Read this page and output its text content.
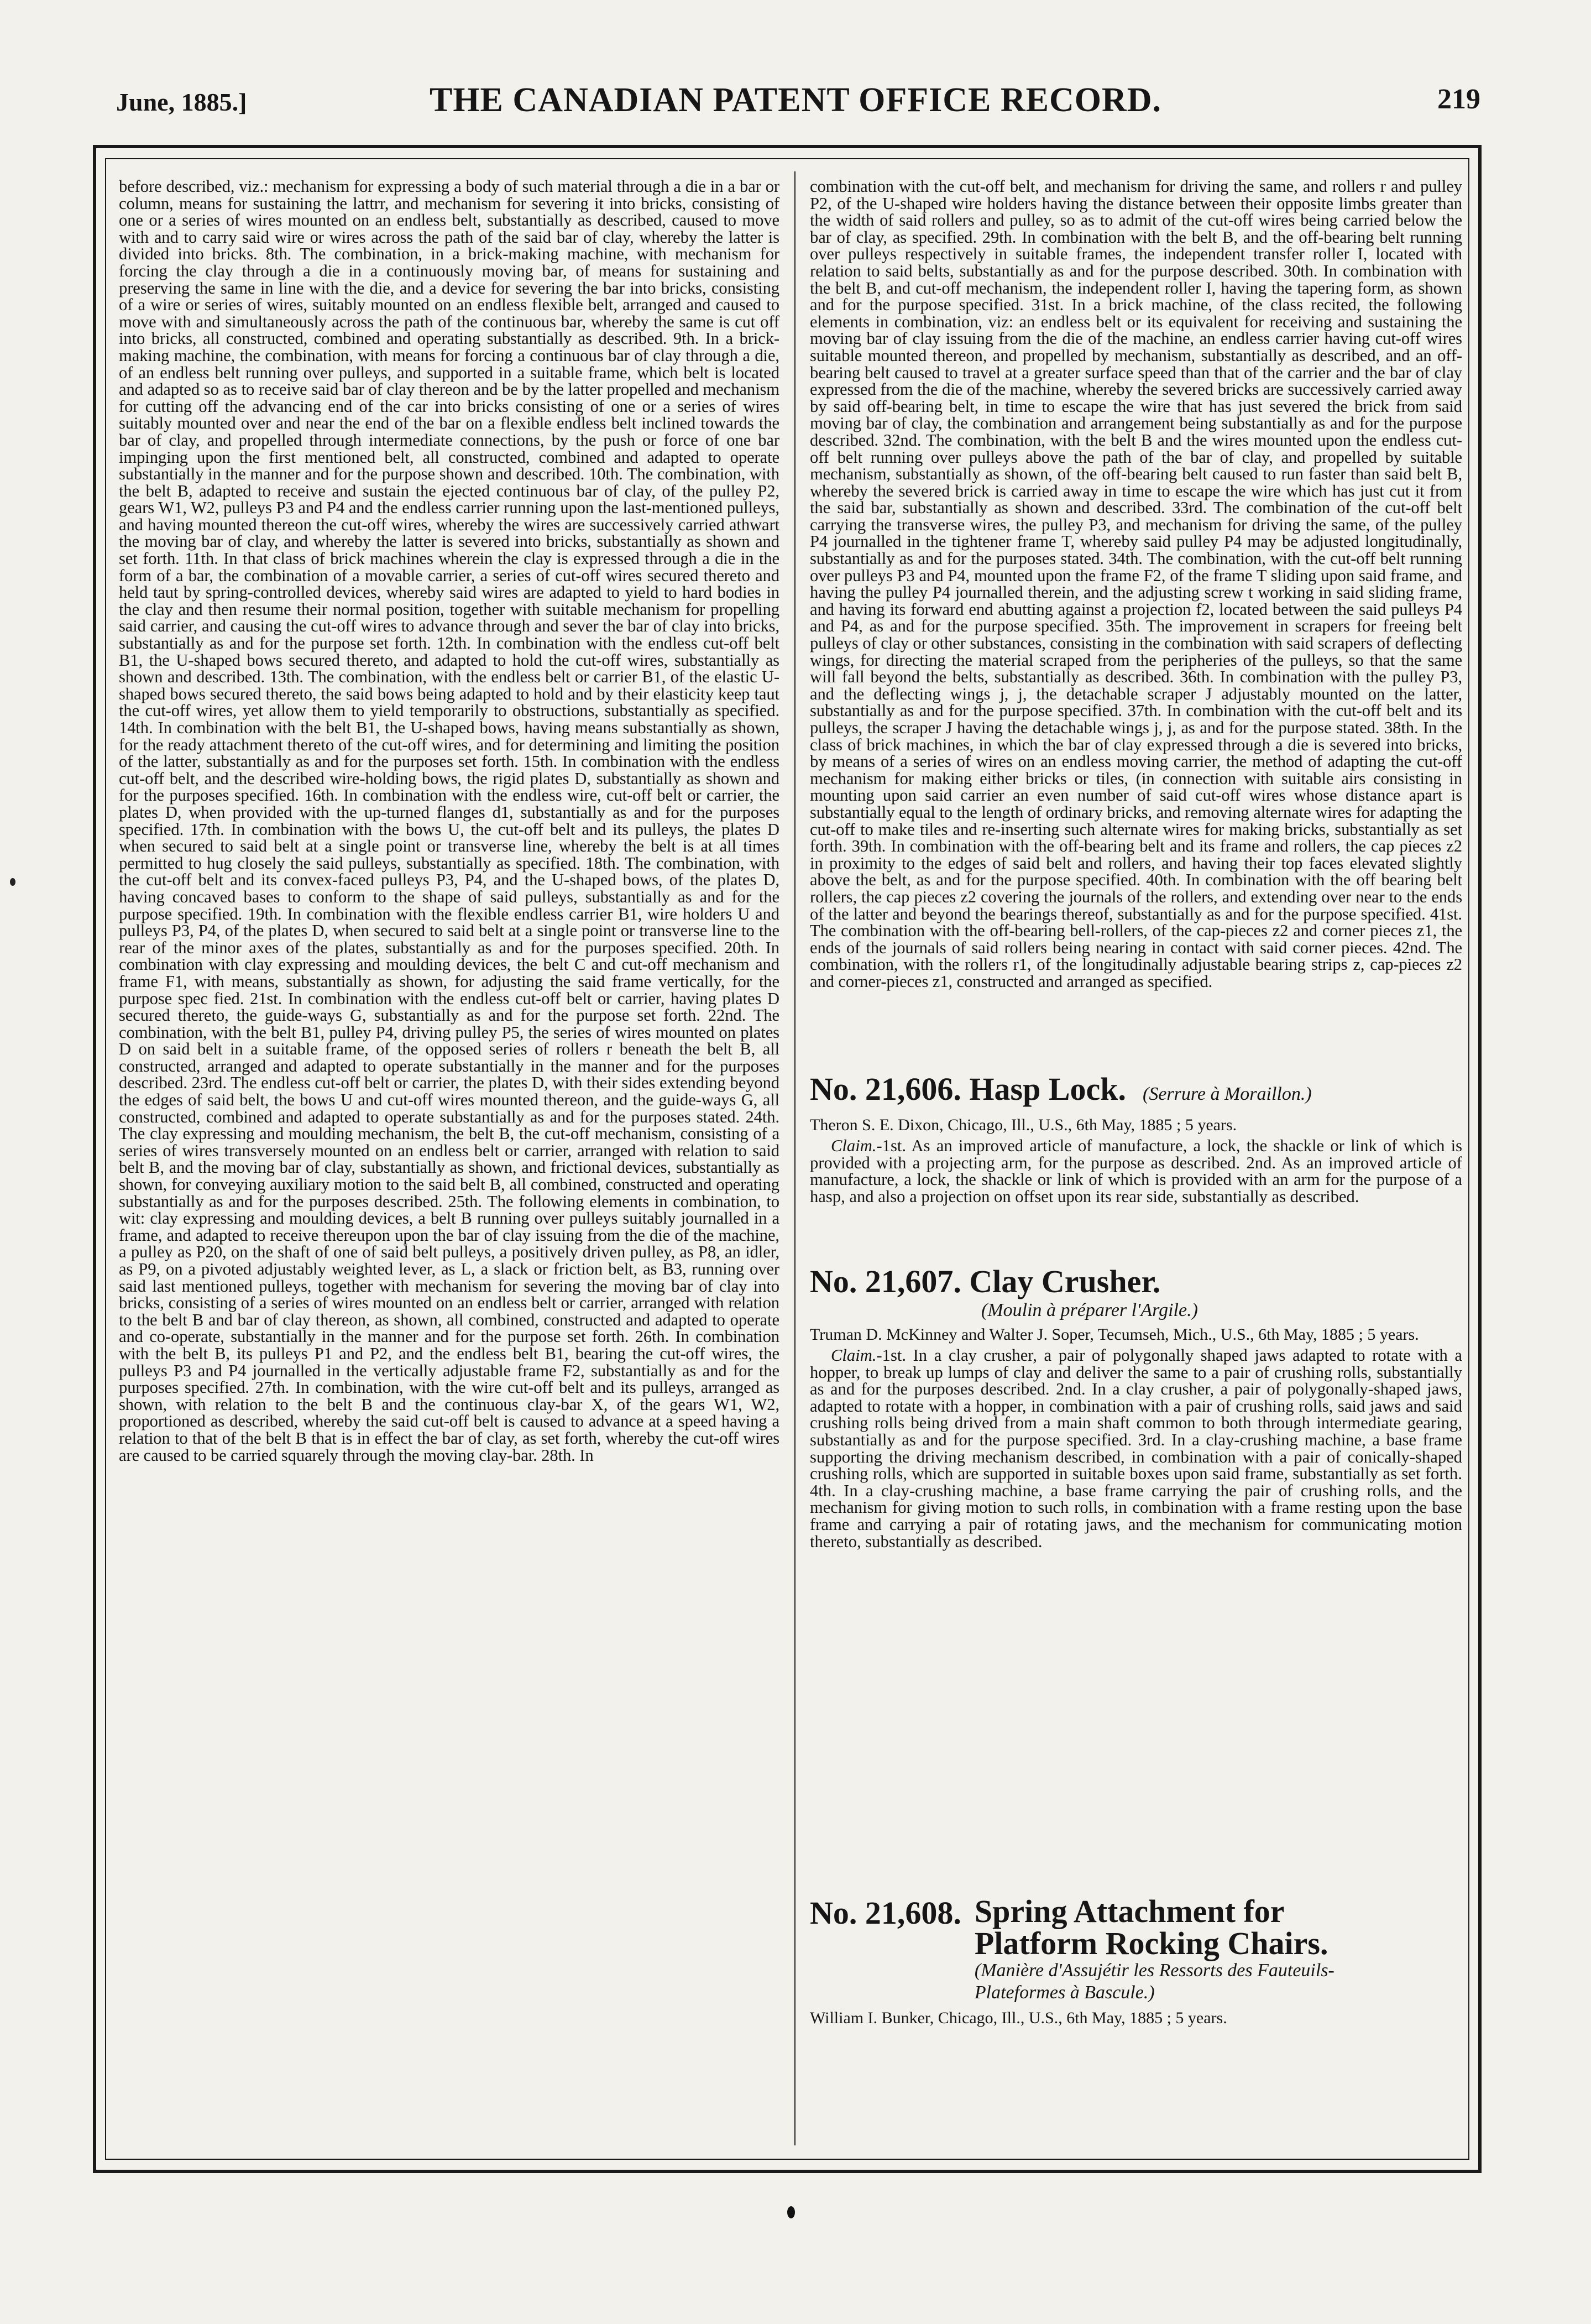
June, 1885.]	THE CANADIAN PATENT OFFICE RECORD.	219
before described, viz.: mechanism for expressing a body of such material through a die in a bar or column, means for sustaining the lattrr, and mechanism for severing it into bricks, consisting of one or a series of wires mounted on an endless belt, substantially as described, caused to move with and to carry said wire or wires across the path of the said bar of clay, whereby the latter is divided into bricks. 8th. The combination, in a brick-making machine, with mechanism for forcing the clay through a die in a continuously moving bar, of means for sustaining and preserving the same in line with the die, and a device for severing the bar into bricks, consisting of a wire or series of wires, suitably mounted on an endless flexible belt, arranged and caused to move with and simultaneously across the path of the continuous bar, whereby the same is cut off into bricks, all constructed, combined and operating substantially as described. 9th. In a brick-making machine, the combination, with means for forcing a continuous bar of clay through a die, of an endless belt running over pulleys, and supported in a suitable frame, which belt is located and adapted so as to receive said bar of clay thereon and be by the latter propelled and mechanism for cutting off the advancing end of the car into bricks consisting of one or a series of wires suitably mounted over and near the end of the bar on a flexible endless belt inclined towards the bar of clay, and propelled through intermediate connections, by the push or force of one bar impinging upon the first mentioned belt, all constructed, combined and adapted to operate substantially in the manner and for the purpose shown and described. 10th. The combination, with the belt B, adapted to receive and sustain the ejected continuous bar of clay, of the pulley P2, gears W1, W2, pulleys P3 and P4 and the endless carrier running upon the last-mentioned pulleys, and having mounted thereon the cut-off wires, whereby the wires are successively carried athwart the moving bar of clay, and whereby the latter is severed into bricks, substantially as shown and set forth. 11th. In that class of brick machines wherein the clay is expressed through a die in the form of a bar, the combination of a movable carrier, a series of cut-off wires secured thereto and held taut by spring-controlled devices, whereby said wires are adapted to yield to hard bodies in the clay and then resume their normal position, together with suitable mechanism for propelling said carrier, and causing the cut-off wires to advance through and sever the bar of clay into bricks, substantially as and for the purpose set forth. 12th. In combination with the endless cut-off belt B1, the U-shaped bows secured thereto, and adapted to hold the cut-off wires, substantially as shown and described. 13th. The combination, with the endless belt or carrier B1, of the elastic U-shaped bows secured thereto, the said bows being adapted to hold and by their elasticity keep taut the cut-off wires, yet allow them to yield temporarily to obstructions, substantially as specified. 14th. In combination with the belt B1, the U-shaped bows, having means substantially as shown, for the ready attachment thereto of the cut-off wires, and for determining and limiting the position of the latter, substantially as and for the purposes set forth. 15th. In combination with the endless cut-off belt, and the described wire-holding bows, the rigid plates D, substantially as shown and for the purposes specified. 16th. In combination with the endless wire, cut-off belt or carrier, the plates D, when provided with the up-turned flanges d1, substantially as and for the purposes specified. 17th. In combination with the bows U, the cut-off belt and its pulleys, the plates D when secured to said belt at a single point or transverse line, whereby the belt is at all times permitted to hug closely the said pulleys, substantially as specified. 18th. The combination, with the cut-off belt and its convex-faced pulleys P3, P4, and the U-shaped bows, of the plates D, having concaved bases to conform to the shape of said pulleys, substantially as and for the purpose specified. 19th. In combination with the flexible endless carrier B1, wire holders U and pulleys P3, P4, of the plates D, when secured to said belt at a single point or transverse line to the rear of the minor axes of the plates, substantially as and for the purposes specified. 20th. In combination with clay expressing and moulding devices, the belt C and cut-off mechanism and frame F1, with means, substantially as shown, for adjusting the said frame vertically, for the purpose spec fied. 21st. In combination with the endless cut-off belt or carrier, having plates D secured thereto, the guide-ways G, substantially as and for the purpose set forth. 22nd. The combination, with the belt B1, pulley P4, driving pulley P5, the series of wires mounted on plates D on said belt in a suitable frame, of the opposed series of rollers r beneath the belt B, all constructed, arranged and adapted to operate substantially in the manner and for the purposes described. 23rd. The endless cut-off belt or carrier, the plates D, with their sides extending beyond the edges of said belt, the bows U and cut-off wires mounted thereon, and the guide-ways G, all constructed, combined and adapted to operate substantially as and for the purposes stated. 24th. The clay expressing and moulding mechanism, the belt B, the cut-off mechanism, consisting of a series of wires transversely mounted on an endless belt or carrier, arranged with relation to said belt B, and the moving bar of clay, substantially as shown, and frictional devices, substantially as shown, for conveying auxiliary motion to the said belt B, all combined, constructed and operating substantially as and for the purposes described. 25th. The following elements in combination, to wit: clay expressing and moulding devices, a belt B running over pulleys suitably journalled in a frame, and adapted to receive thereupon upon the bar of clay issuing from the die of the machine, a pulley as P20, on the shaft of one of said belt pulleys, a positively driven pulley, as P8, an idler, as P9, on a pivoted adjustably weighted lever, as L, a slack or friction belt, as B3, running over said last mentioned pulleys, together with mechanism for severing the moving bar of clay into bricks, consisting of a series of wires mounted on an endless belt or carrier, arranged with relation to the belt B and bar of clay thereon, as shown, all combined, constructed and adapted to operate and co-operate, substantially in the manner and for the purpose set forth. 26th. In combination with the belt B, its pulleys P1 and P2, and the endless belt B1, bearing the cut-off wires, the pulleys P3 and P4 journalled in the vertically adjustable frame F2, substantially as and for the purposes specified. 27th. In combination, with the wire cut-off belt and its pulleys, arranged as shown, with relation to the belt B and the continuous clay-bar X, of the gears W1, W2, proportioned as described, whereby the said cut-off belt is caused to advance at a speed having a relation to that of the belt B that is in effect the bar of clay, as set forth, whereby the cut-off wires are caused to be carried squarely through the moving clay-bar. 28th. In
combination with the cut-off belt, and mechanism for driving the same, and rollers r and pulley P2, of the U-shaped wire holders having the distance between their opposite limbs greater than the width of said rollers and pulley, so as to admit of the cut-off wires being carried below the bar of clay, as specified. 29th. In combination with the belt B, and the off-bearing belt running over pulleys respectively in suitable frames, the independent transfer roller I, located with relation to said belts, substantially as and for the purpose described. 30th. In combination with the belt B, and cut-off mechanism, the independent roller I, having the tapering form, as shown and for the purpose specified. 31st. In a brick machine, of the class recited, the following elements in combination, viz: an endless belt or its equivalent for receiving and sustaining the moving bar of clay issuing from the die of the machine, an endless carrier having cut-off wires suitable mounted thereon, and propelled by mechanism, substantially as described, and an off-bearing belt caused to travel at a greater surface speed than that of the carrier and the bar of clay expressed from the die of the machine, whereby the severed bricks are successively carried away by said off-bearing belt, in time to escape the wire that has just severed the brick from said moving bar of clay, the combination and arrangement being substantially as and for the purpose described. 32nd. The combination, with the belt B and the wires mounted upon the endless cut-off belt running over pulleys above the path of the bar of clay, and propelled by suitable mechanism, substantially as shown, of the off-bearing belt caused to run faster than said belt B, whereby the severed brick is carried away in time to escape the wire which has just cut it from the said bar, substantially as shown and described. 33rd. The combination of the cut-off belt carrying the transverse wires, the pulley P3, and mechanism for driving the same, of the pulley P4 journalled in the tightener frame T, whereby said pulley P4 may be adjusted longitudinally, substantially as and for the purposes stated. 34th. The combination, with the cut-off belt running over pulleys P3 and P4, mounted upon the frame F2, of the frame T sliding upon said frame, and having the pulley P4 journalled therein, and the adjusting screw t working in said sliding frame, and having its forward end abutting against a projection f2, located between the said pulleys P4 and P4, as and for the purpose specified. 35th. The improvement in scrapers for freeing belt pulleys of clay or other substances, consisting in the combination with said scrapers of deflecting wings, for directing the material scraped from the peripheries of the pulleys, so that the same will fall beyond the belts, substantially as described. 36th. In combination with the pulley P3, and the deflecting wings j, j, the detachable scraper J adjustably mounted on the latter, substantially as and for the purpose specified. 37th. In combination with the cut-off belt and its pulleys, the scraper J having the detachable wings j, j, as and for the purpose stated. 38th. In the class of brick machines, in which the bar of clay expressed through a die is severed into bricks, by means of a series of wires on an endless moving carrier, the method of adapting the cut-off mechanism for making either bricks or tiles, (in connection with suitable airs consisting in mounting upon said carrier an even number of said cut-off wires whose distance apart is substantially equal to the length of ordinary bricks, and removing alternate wires for adapting the cut-off to make tiles and re-inserting such alternate wires for making bricks, substantially as set forth. 39th. In combination with the off-bearing belt and its frame and rollers, the cap pieces z2 in proximity to the edges of said belt and rollers, and having their top faces elevated slightly above the belt, as and for the purpose specified. 40th. In combination with the off bearing belt rollers, the cap pieces z2 covering the journals of the rollers, and extending over near to the ends of the latter and beyond the bearings thereof, substantially as and for the purpose specified. 41st. The combination with the off-bearing bell-rollers, of the cap-pieces z2 and corner pieces z1, the ends of the journals of said rollers being nearing in contact with said corner pieces. 42nd. The combination, with the rollers r1, of the longitudinally adjustable bearing strips z, cap-pieces z2 and corner-pieces z1, constructed and arranged as specified.
No. 21,606. Hasp Lock. (Serrure à Moraillon.)
Theron S. E. Dixon, Chicago, Ill., U.S., 6th May, 1885 ; 5 years.
Claim.-1st. As an improved article of manufacture, a lock, the shackle or link of which is provided with a projecting arm, for the purpose as described. 2nd. As an improved article of manufacture, a lock, the shackle or link of which is provided with an arm for the purpose of a hasp, and also a projection on offset upon its rear side, substantially as described.
No. 21,607. Clay Crusher.
(Moulin à préparer l'Argile.)
Truman D. McKinney and Walter J. Soper, Tecumseh, Mich., U.S., 6th May, 1885 ; 5 years.
Claim.-1st. In a clay crusher, a pair of polygonally shaped jaws adapted to rotate with a hopper, to break up lumps of clay and deliver the same to a pair of crushing rolls, substantially as and for the purposes described. 2nd. In a clay crusher, a pair of polygonally-shaped jaws, adapted to rotate with a hopper, in combination with a pair of crushing rolls, said jaws and said crushing rolls being drived from a main shaft common to both through intermediate gearing, substantially as and for the purpose specified. 3rd. In a clay-crushing machine, a base frame supporting the driving mechanism described, in combination with a pair of conically-shaped crushing rolls, which are supported in suitable boxes upon said frame, substantially as set forth. 4th. In a clay-crushing machine, a base frame carrying the pair of crushing rolls, and the mechanism for giving motion to such rolls, in combination with a frame resting upon the base frame and carrying a pair of rotating jaws, and the mechanism for communicating motion thereto, substantially as described.
No. 21,608. Spring Attachment for Platform Rocking Chairs.
(Manière d'Assujétir les Ressorts des Fauteuils-Plateformes à Bascule.)
William I. Bunker, Chicago, Ill., U.S., 6th May, 1885 ; 5 years.
